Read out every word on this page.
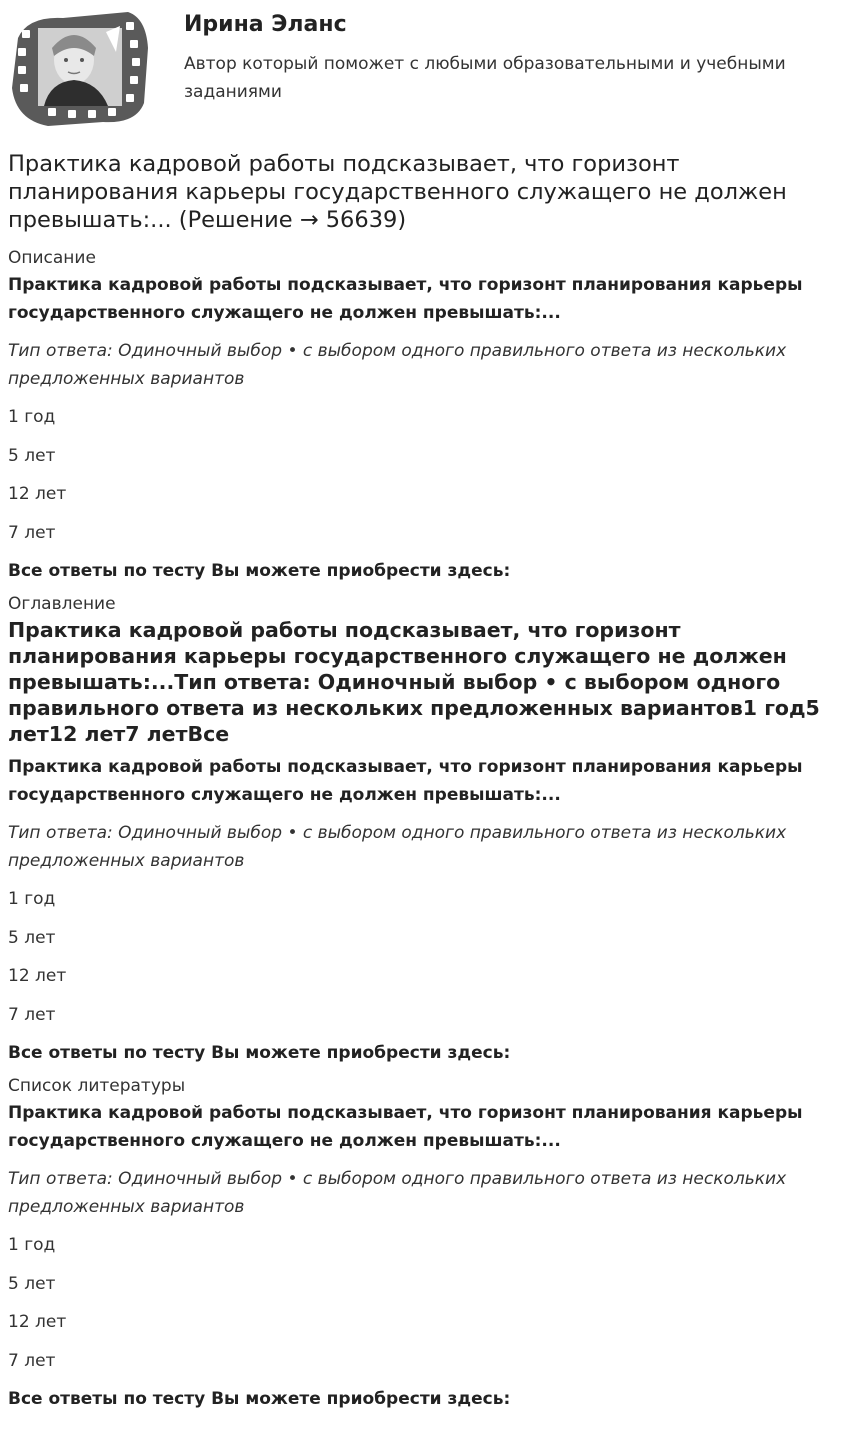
Ирина Эланс
Автор который поможет с любыми образовательными и учебными заданиями
Практика кадровой работы подсказывает, что горизонт планирования карьеры государственного служащего не должен превышать:... (Решение → 56639)
Описание

Практика кадровой работы подсказывает, что горизонт планирования карьеры государственного служащего не должен превышать:...

Тип ответа: Одиночный выбор • с выбором одного правильного ответа из нескольких предложенных вариантов

1 год

5 лет

12 лет

7 лет

Все ответы по тесту Вы можете приобрести здесь:

Оглавление

Практика кадровой работы подсказывает, что горизонт планирования карьеры государственного служащего не должен превышать:...Тип ответа: Одиночный выбор • с выбором одного правильного ответа из нескольких предложенных вариантов1 год5 лет12 лет7 летВсе

Практика кадровой работы подсказывает, что горизонт планирования карьеры государственного служащего не должен превышать:...

Тип ответа: Одиночный выбор • с выбором одного правильного ответа из нескольких предложенных вариантов

1 год

5 лет

12 лет

7 лет

Все ответы по тесту Вы можете приобрести здесь:

Список литературы

Практика кадровой работы подсказывает, что горизонт планирования карьеры государственного служащего не должен превышать:...

Тип ответа: Одиночный выбор • с выбором одного правильного ответа из нескольких предложенных вариантов

1 год

5 лет

12 лет

7 лет

Все ответы по тесту Вы можете приобрести здесь:
